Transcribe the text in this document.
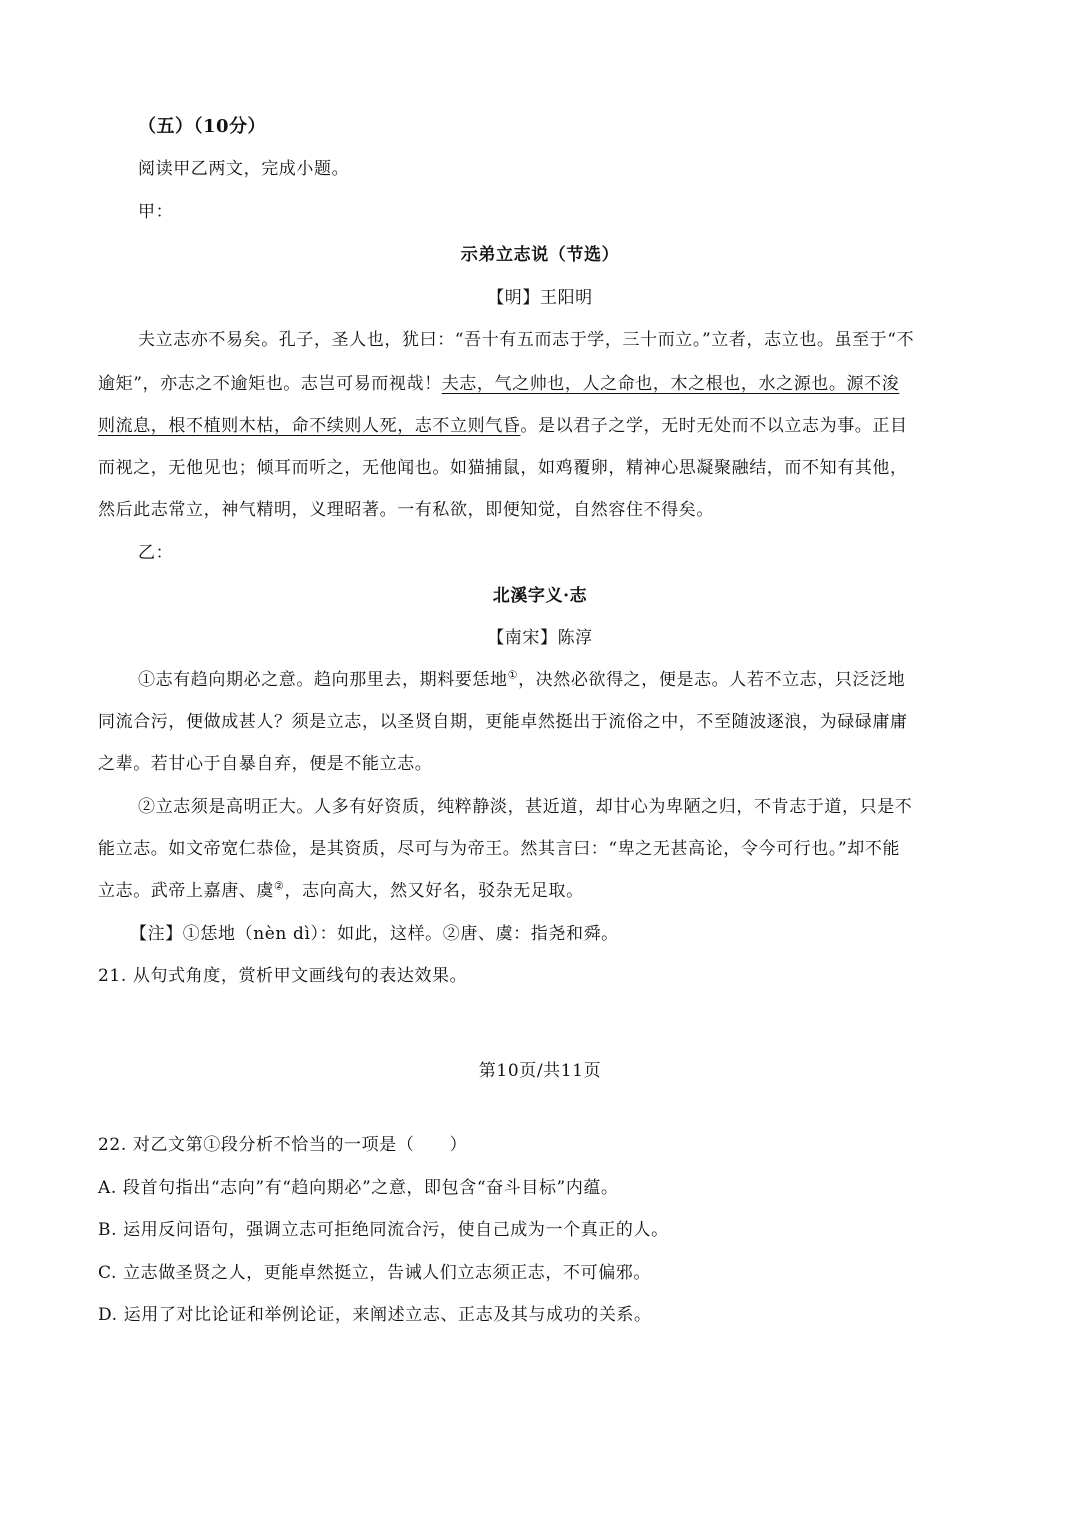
（五）（10分）
阅读甲乙两文，完成小题。
甲：
示弟立志说（节选）
【明】王阳明
夫立志亦不易矣。孔子，圣人也，犹曰：“吾十有五而志于学，三十而立。”立者，志立也。虽至于“不
逾矩”，亦志之不逾矩也。志岂可易而视哉！夫志，气之帅也，人之命也，木之根也，水之源也。源不浚
则流息，根不植则木枯，命不续则人死，志不立则气昏。是以君子之学，无时无处而不以立志为事。正目
而视之，无他见也；倾耳而听之，无他闻也。如猫捕鼠，如鸡覆卵，精神心思凝聚融结，而不知有其他，
然后此志常立，神气精明，义理昭著。一有私欲，即便知觉，自然容住不得矣。
乙：
北溪字义·志
【南宋】陈淳
①志有趋向期必之意。趋向那里去，期料要恁地①，决然必欲得之，便是志。人若不立志，只泛泛地
同流合污，便做成甚人？须是立志，以圣贤自期，更能卓然挺出于流俗之中，不至随波逐浪，为碌碌庸庸
之辈。若甘心于自暴自弃，便是不能立志。
②立志须是高明正大。人多有好资质，纯粹静淡，甚近道，却甘心为卑陋之归，不肯志于道，只是不
能立志。如文帝宽仁恭俭，是其资质，尽可与为帝王。然其言曰：“卑之无甚高论，令今可行也。”却不能
立志。武帝上嘉唐、虞②，志向高大，然又好名，驳杂无足取。
【注】①恁地（nèn dì）：如此，这样。②唐、虞：指尧和舜。
21. 从句式角度，赏析甲文画线句的表达效果。
22. 对乙文第①段分析不恰当的一项是（　　）
A. 段首句指出“志向”有“趋向期必”之意，即包含“奋斗目标”内蕴。
B. 运用反问语句，强调立志可拒绝同流合污，使自己成为一个真正的人。
C. 立志做圣贤之人，更能卓然挺立，告诫人们立志须正志，不可偏邪。
D. 运用了对比论证和举例论证，来阐述立志、正志及其与成功的关系。
第10页/共11页
